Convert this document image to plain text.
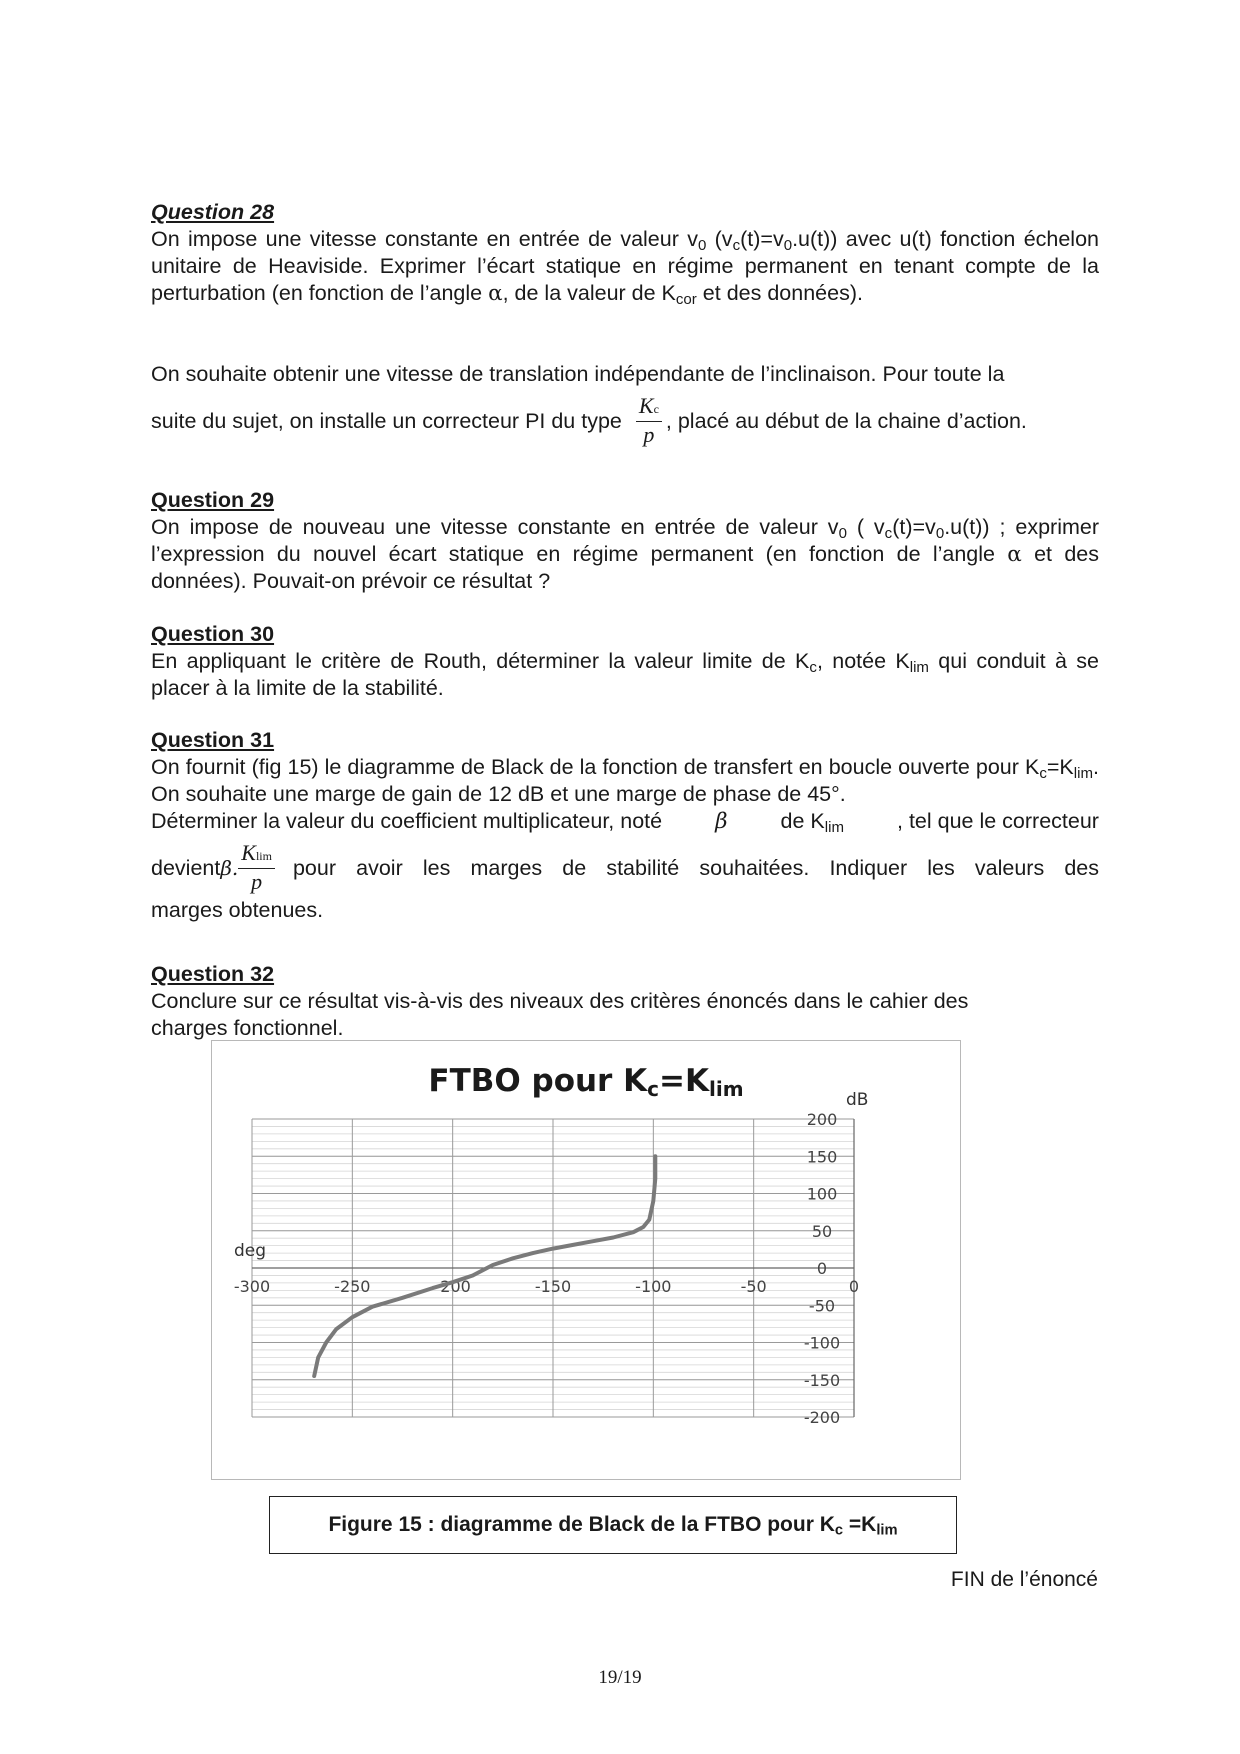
Question 28
On impose une vitesse constante en entrée de valeur $v_0$ $(v_c(t)=v_0.u(t))$ avec u(t) fonction échelon unitaire de Heaviside. Exprimer l’écart statique en régime permanent en tenant compte de la perturbation (en fonction de l’angle α, de la valeur de $K_{cor}$ et des données).
On souhaite obtenir une vitesse de translation indépendante de l’inclinaison. Pour toute la
suite du sujet, on installe un correcteur PI du type $\frac{Kc}{p}$ , placé au début de la chaine d’action.
Question 29
On impose de nouveau une vitesse constante en entrée de valeur $v_0$ ( $v_c(t)=v_0.u(t)$) ; exprimer l’expression du nouvel écart statique en régime permanent (en fonction de l’angle α et des données). Pouvait-on prévoir ce résultat ?
Question 30
En appliquant le critère de Routh, déterminer la valeur limite de $K_c$, notée $K_{lim}$ qui conduit à se placer à la limite de la stabilité.
Question 31
On fournit (fig 15) le diagramme de Black de la fonction de transfert en boucle ouverte pour $K_c=K_{lim}$. On souhaite une marge de gain de 12 dB et une marge de phase de 45°.
Déterminer la valeur du coefficient multiplicateur, noté β de $K_{lim}$ , tel que le correcteur
devient β. $\frac{Klim}{p}$ pour avoir les marges de stabilité souhaitées. Indiquer les valeurs des
marges obtenues.
Question 32
Conclure sur ce résultat vis-à-vis des niveaux des critères énoncés dans le cahier des charges fonctionnel.
FTBO pour $K_c=K_{lim}$
-300	-250	-200	-150	-100	-50	0
200
150
100
50
0
-50
-100
-150
-200
deg
dB
Figure 15 : diagramme de Black de la FTBO pour $K_c =K_{lim}$
FIN de l’énoncé
19/19
